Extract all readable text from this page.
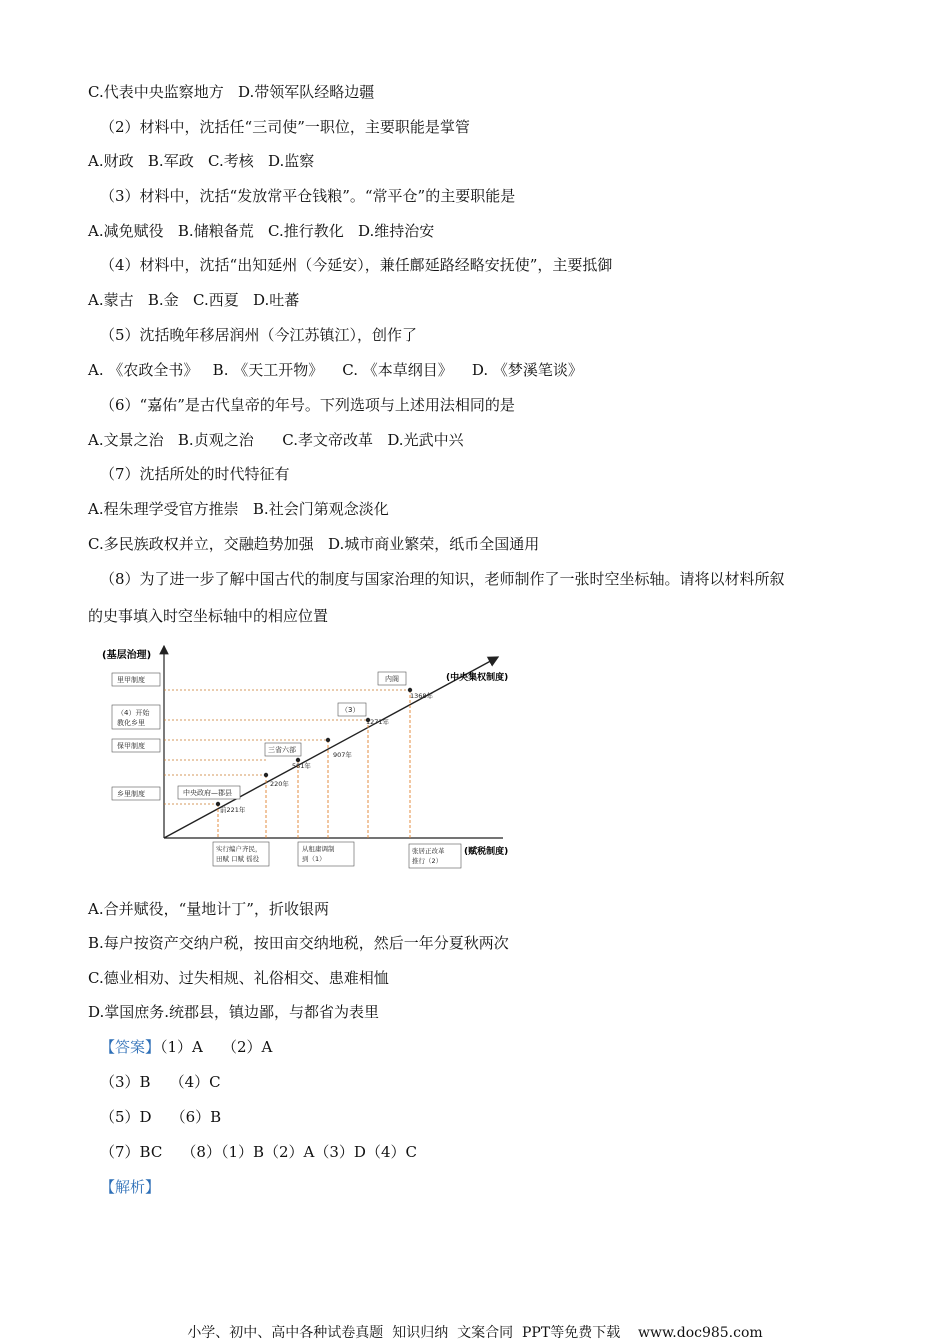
C.代表中央监察地方   D.带领军队经略边疆
（2）材料中，沈括任“三司使”一职位，主要职能是掌管
A.财政   B.军政   C.考核   D.监察
（3）材料中，沈括“发放常平仓钱粮”。“常平仓”的主要职能是
A.减免赋役   B.储粮备荒   C.推行教化   D.维持治安
（4）材料中，沈括“出知延州（今延安），兼任鄜延路经略安抚使”，主要抵御
A.蒙古   B.金   C.西夏   D.吐蕃
（5）沈括晚年移居润州（今江苏镇江），创作了
A. 《农政全书》   B. 《天工开物》    C. 《本草纲目》    D. 《梦溪笔谈》
（6）“嘉佑”是古代皇帝的年号。下列选项与上述用法相同的是
A.文景之治   B.贞观之治      C.孝文帝改革   D.光武中兴
（7）沈括所处的时代特征有
A.程朱理学受官方推崇   B.社会门第观念淡化
C.多民族政权并立，交融趋势加强   D.城市商业繁荣，纸币全国通用
（8）为了进一步了解中国古代的制度与国家治理的知识，老师制作了一张时空坐标轴。请将以材料所叙
的史事填入时空坐标轴中的相应位置
A.合并赋役，“量地计丁”，折收银两
B.每户按资产交纳户税，按田亩交纳地税，然后一年分夏秋两次
C.德业相劝、过失相规、礼俗相交、患难相恤
D.掌国庶务.统郡县，镇边鄙，与都省为表里
(基层治理)
(中央集权制度)
(赋税制度)
里甲制度
（4）开始
教化乡里
保甲制度
乡里制度
前221年
220年
581年
907年
1271年
1368年
中央政府—郡县
三省六部
（3）
内阁
实行编户齐民，
田赋 口赋 徭役
从租庸调制
到（1）
张居正改革
推行（2）
【答案】（1）A    （2）A
（3）B    （4）C
（5）D    （6）B
（7）BC    （8）（1）B（2）A（3）D（4）C
【解析】
小学、初中、高中各种试卷真题  知识归纳  文案合同  PPT等免费下载    www.doc985.com
